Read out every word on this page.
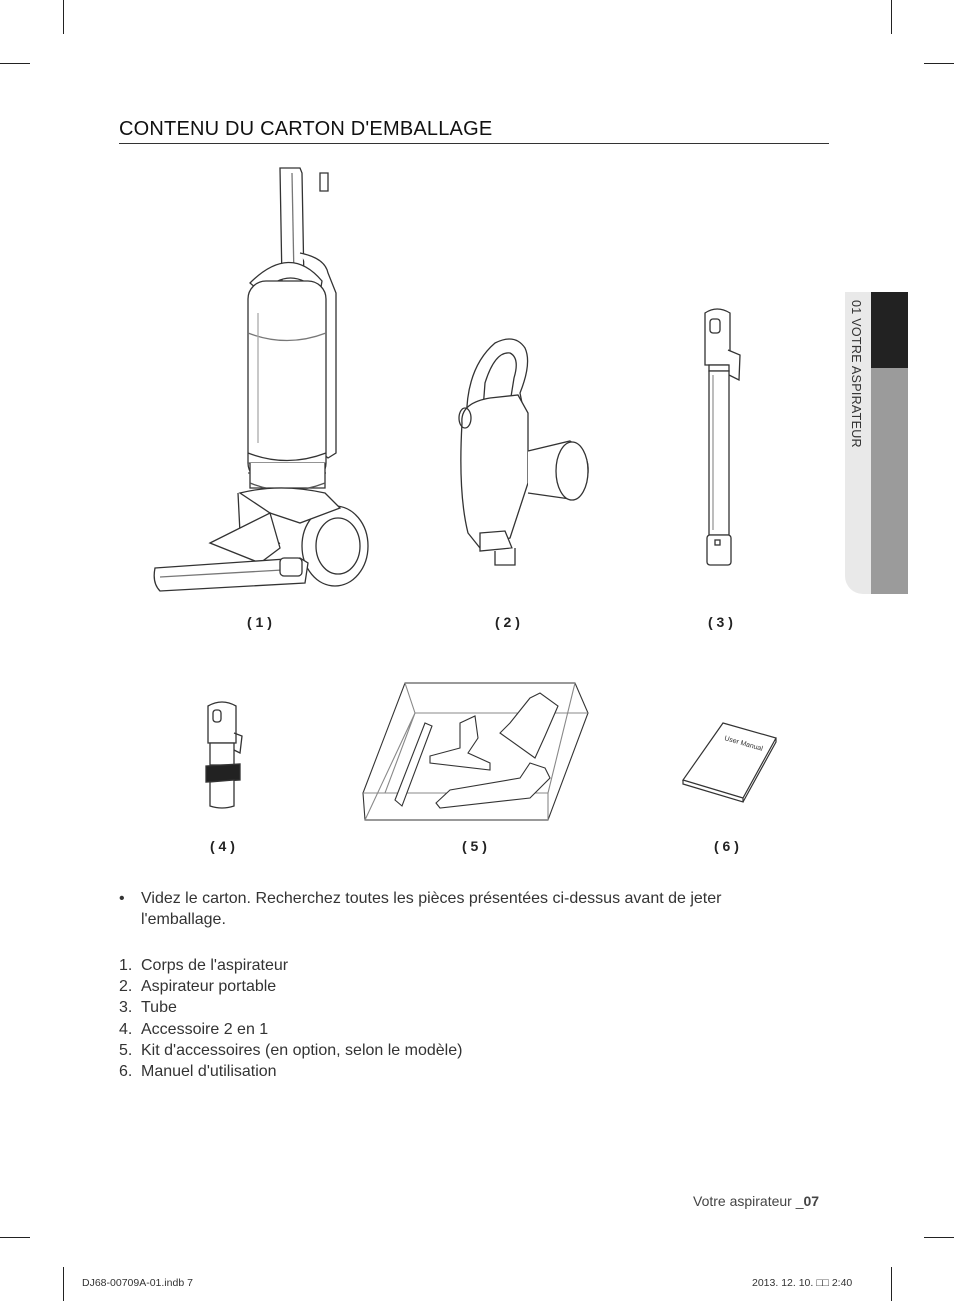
CONTENU DU CARTON D'EMBALLAGE
01 VOTRE ASPIRATEUR
User Manual
( 1 )	( 2 )	( 3 )
( 4 )	( 5 )	( 6 )
• Videz le carton. Recherchez toutes les pièces présentées ci-dessus avant de jeter l'emballage.
1. Corps de l'aspirateur
2. Aspirateur portable
3. Tube
4. Accessoire 2 en 1
5. Kit d'accessoires (en option, selon le modèle)
6. Manuel d'utilisation
Votre aspirateur _07
DJ68-00709A-01.indb 7	2013. 12. 10. □□ 2:40
